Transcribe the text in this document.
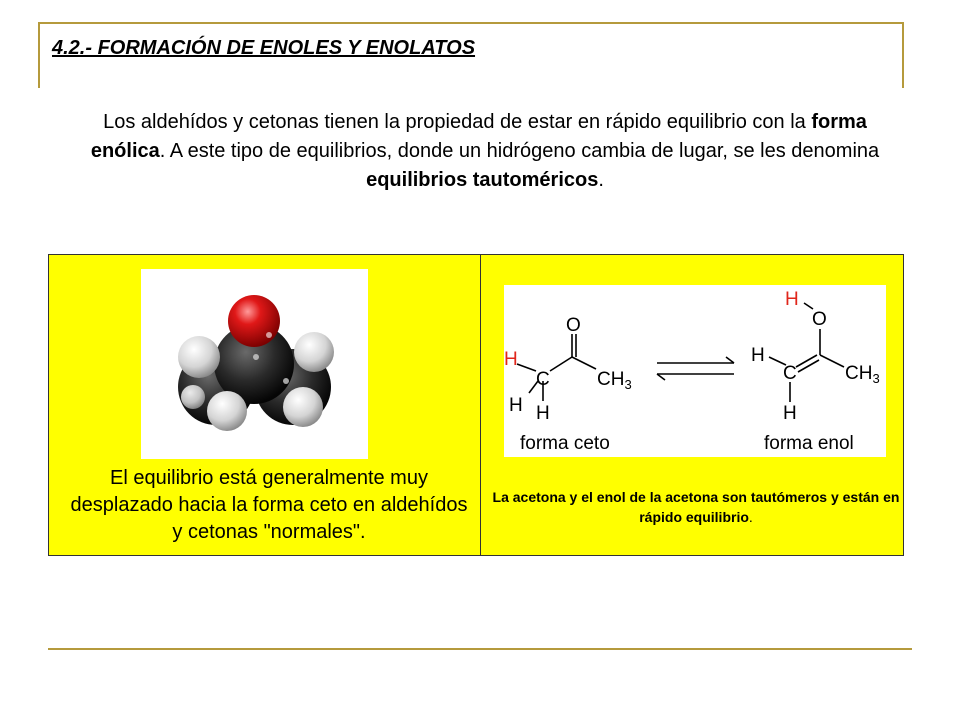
4.2.- FORMACIÓN DE ENOLES Y ENOLATOS
Los aldehídos y cetonas tienen la propiedad de estar en rápido equilibrio con la forma enólica. A este tipo de equilibrios, donde un hidrógeno cambia de lugar, se les denomina equilibrios tautoméricos.
O
C $CH_3$
H
H H
forma ceto
H
O
H
C	$CH_3$
H
forma enol
El equilibrio está generalmente muy desplazado hacia la forma ceto en aldehídos y cetonas "normales".
La acetona y el enol de la acetona son tautómeros y están en rápido equilibrio.
